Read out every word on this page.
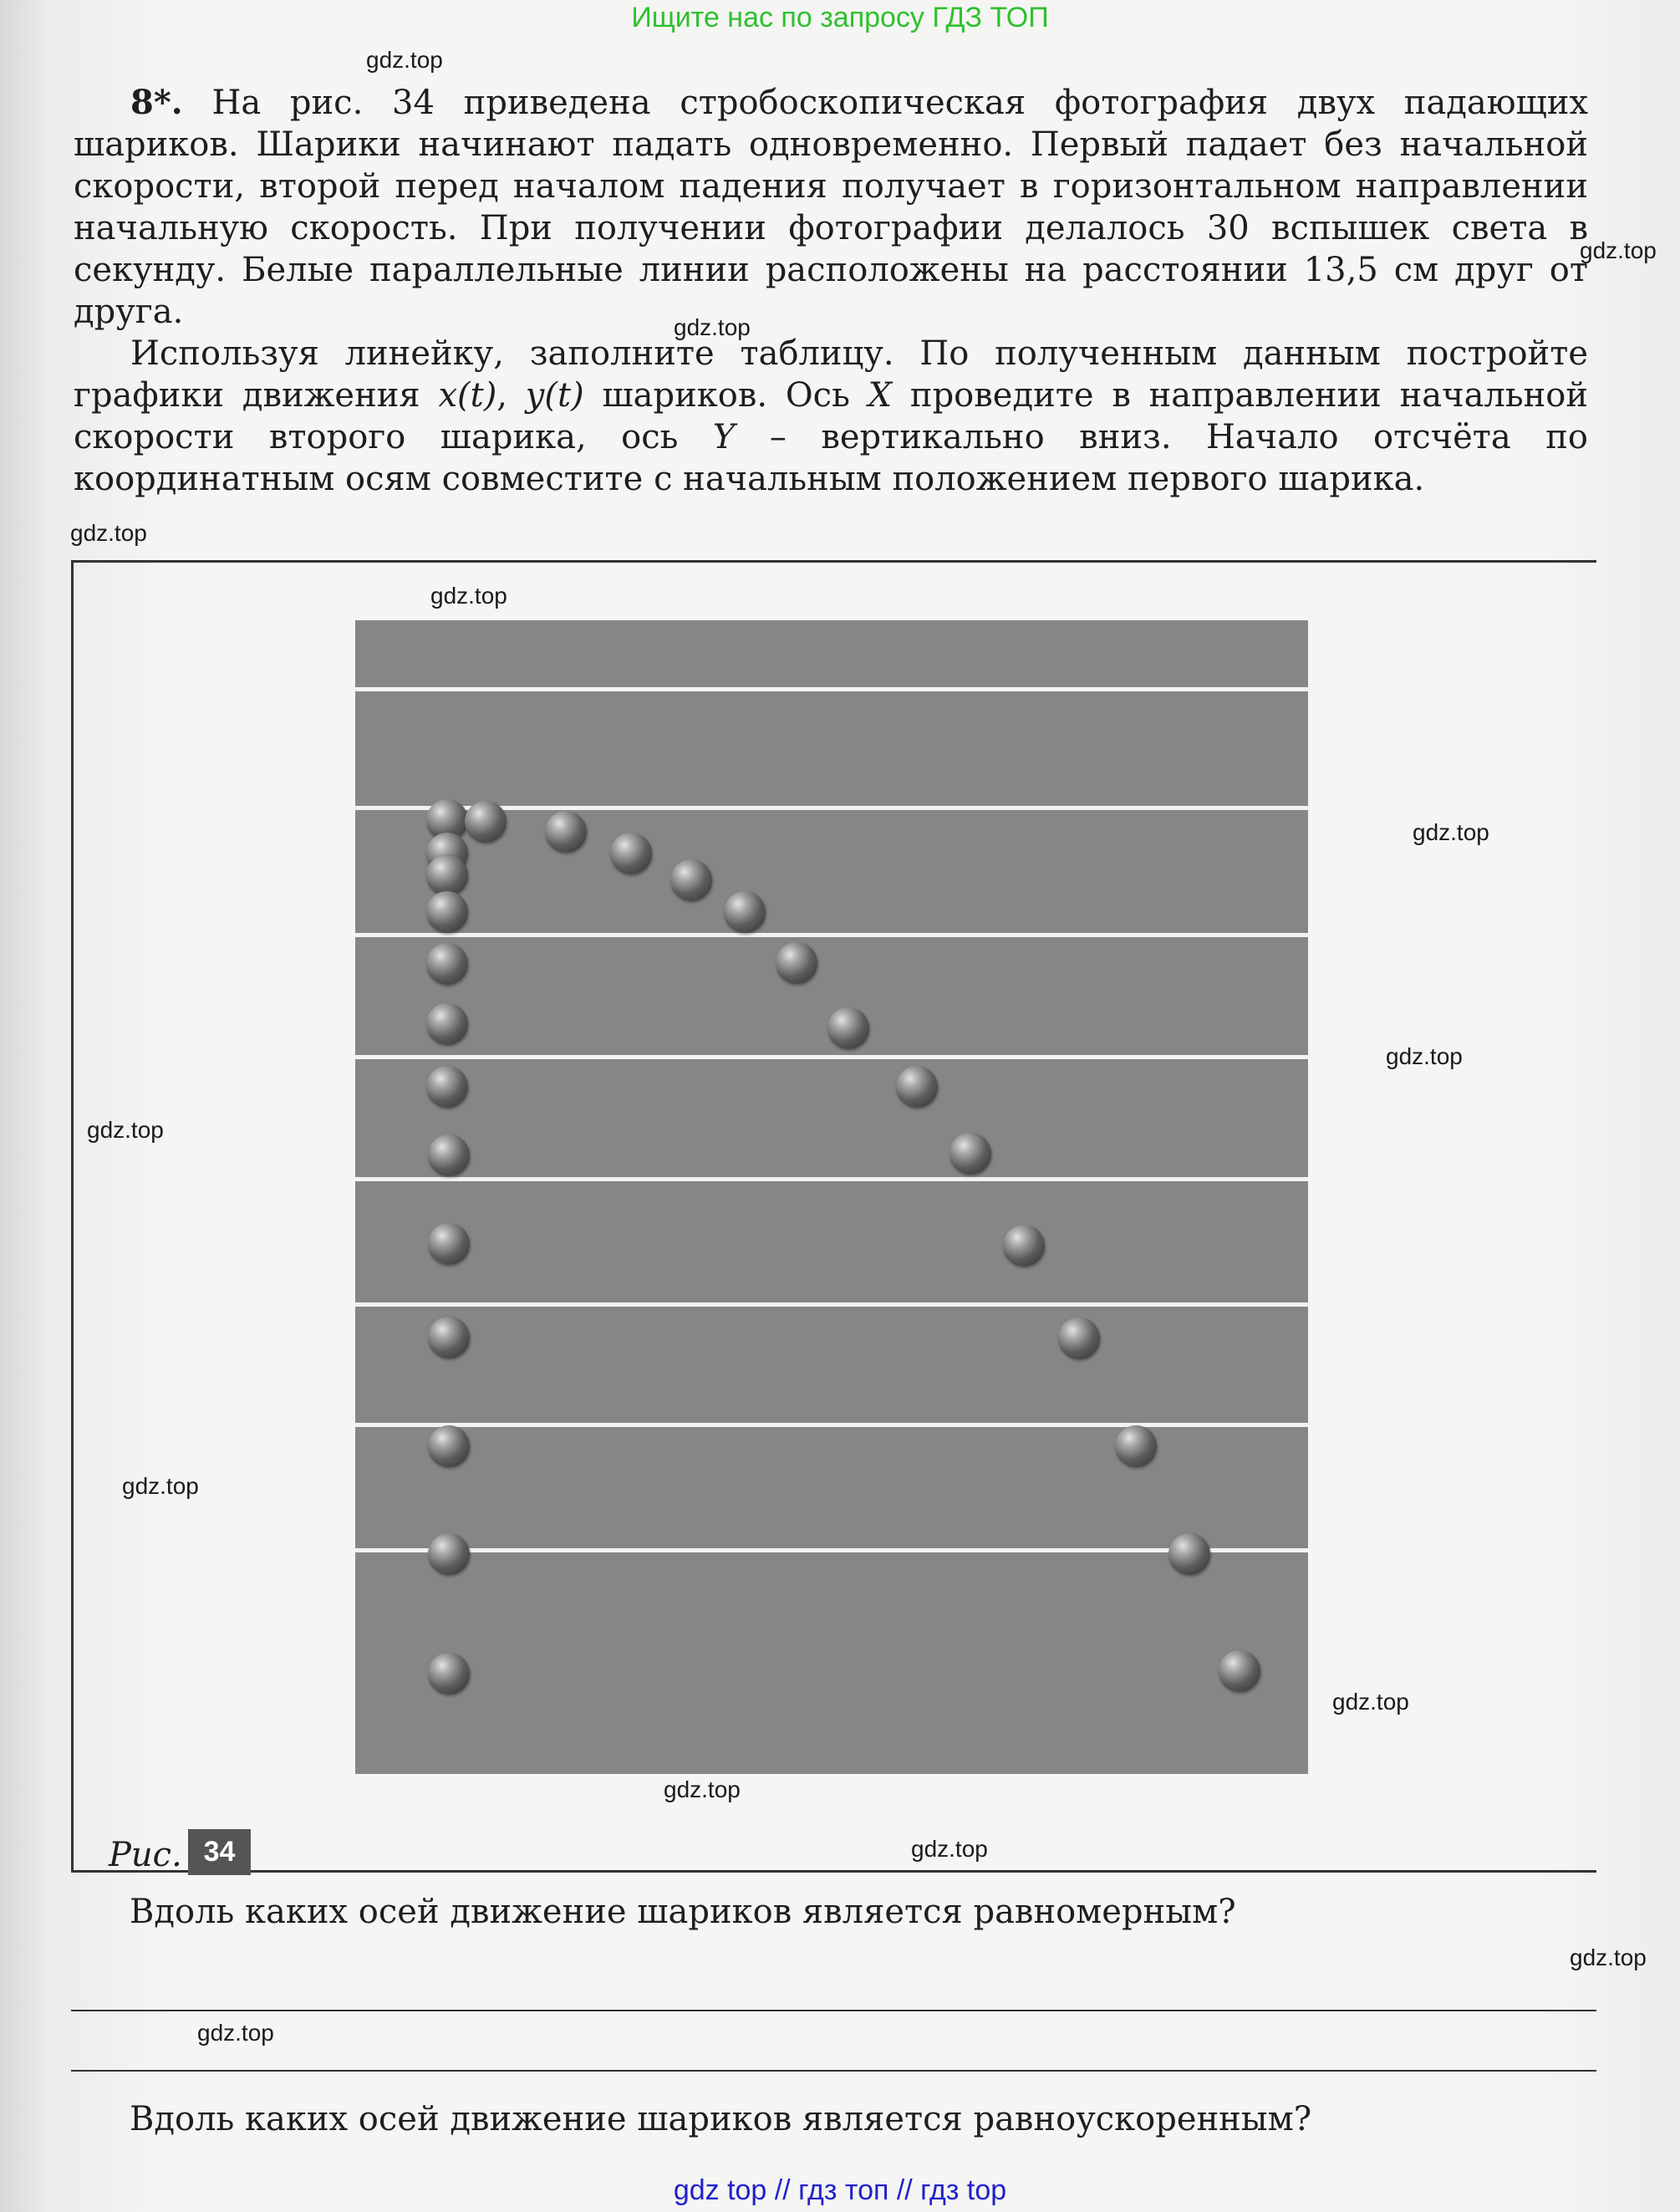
Ищите нас по запросу ГДЗ ТОП
gdz.top
gdz.top
gdz.top
gdz.top
gdz.top
gdz.top
gdz.top
gdz.top
gdz.top
gdz.top
gdz.top
gdz.top
gdz.top
gdz.top

8*. На рис. 34 приведена стробоскопическая фотография двух падающих шариков. Шарики начинают падать одновременно. Первый падает без начальной скорости, второй перед началом падения получает в горизонтальном направлении начальную скорость. При получении фотографии делалось 30 вспышек света в секунду. Белые параллельные линии расположены на расстоянии 13,5 см друг от друга.

Используя линейку, заполните таблицу. По полученным данным постройте графики движения x(t), y(t) шариков. Ось X проведите в направлении начальной скорости второго шарика, ось Y – вертикально вниз. Начало отсчёта по координатным осям совместите с начальным положением первого шарика.

Рис. 34
Вдоль каких осей движение шариков является равномерным?
Вдоль каких осей движение шариков является равноускоренным?
gdz top // гдз топ // гдз top
